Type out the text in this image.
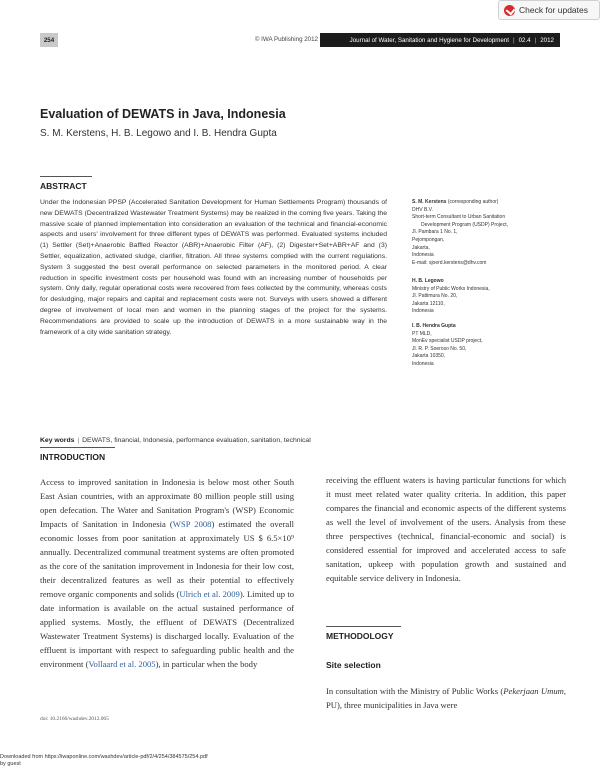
Check for updates
254	© IWA Publishing 2012	Journal of Water, Sanitation and Hygiene for Development | 02.4 | 2012
Evaluation of DEWATS in Java, Indonesia
S. M. Kerstens, H. B. Legowo and I. B. Hendra Gupta
ABSTRACT

Under the Indonesian PPSP (Accelerated Sanitation Development for Human Settlements Program) thousands of new DEWATS (Decentralized Wastewater Treatment Systems) may be realized in the coming five years. Taking the massive scale of planned implementation into consideration an evaluation of the technical and financial-economic aspects and users' involvement for three different types of DEWATS was performed. Evaluated systems included (1) Settler (Set)+Anaerobic Baffled Reactor (ABR)+Anaerobic Filter (AF), (2) Digester+Set+ABR+AF and (3) Settler, equalization, activated sludge, clarifier, filtration. All three systems complied with the current regulations. System 3 suggested the best overall performance on selected parameters in the monitored period. A clear reduction in specific investment costs per household was found with an increasing number of households per system. Only daily, regular operational costs were recovered from fees collected by the community, whereas costs for desludging, major repairs and capital and replacement costs were not. Surveys with users showed a different degree of involvement of local men and women in the planning stages of the project for the systems. Recommendations are provided to scale up the introduction of DEWATS in a more sustainable way in the framework of a city wide sanitation strategy.

Key words | DEWATS, financial, Indonesia, performance evaluation, sanitation, technical
S. M. Kerstens (corresponding author)
DHV B.V.
Short-term Consultant to Urban Sanitation
Development Program (USDP) Project,
Jl. Pambara 1 No. 1,
Pejompongan,
Jakarta,
Indonesia
E-mail: sjoerd.kerstens@dhv.com
H. B. Legowo
Ministry of Public Works Indonesia,
Jl. Pattimura No. 20,
Jakarta 12110,
Indonesia
I. B. Hendra Gupta
PT MLD,
MonEv specialist USDP project,
Jl. R. P. Soeroso No. 50,
Jakarta 10350,
Indonesia
INTRODUCTION

Access to improved sanitation in Indonesia is below most other South East Asian countries, with an approximate 80 million people still using open defecation. The Water and Sanitation Program's (WSP) Economic Impacts of Sanitation in Indonesia (WSP 2008) estimated the overall economic losses from poor sanitation at approximately US $ 6.5×10⁹ annually. Decentralized communal treatment systems are often promoted as the core of the sanitation improvement in Indonesia for their low cost, their decentralized features as well as their potential to effectively remove organic components and solids (Ulrich et al. 2009). Limited up to date information is available on the actual sustained performance of applied systems. Mostly, the effluent of DEWATS (Decentralized Wastewater Treatment Systems) is discharged locally. Evaluation of the effluent is important with respect to safeguarding public health and the environment (Vollaard et al. 2005), in particular when the body

receiving the effluent waters is having particular functions for which it must meet related water quality criteria. In addition, this paper compares the financial and economic aspects of the different systems as well the level of involvement of the users. Analysis from these three perspectives (technical, financial-economic and social) is considered essential for improved and accelerated access to safe sanitation, upkeep with population growth and sustained and equitable service delivery in Indonesia.

METHODOLOGY
Site selection

In consultation with the Ministry of Public Works (Pekerjaan Umum, PU), three municipalities in Java were

doi: 10.2166/washdev.2012.065
Downloaded from https://iwaponline.com/washdev/article-pdf/2/4/254/384575/254.pdf
by guest
